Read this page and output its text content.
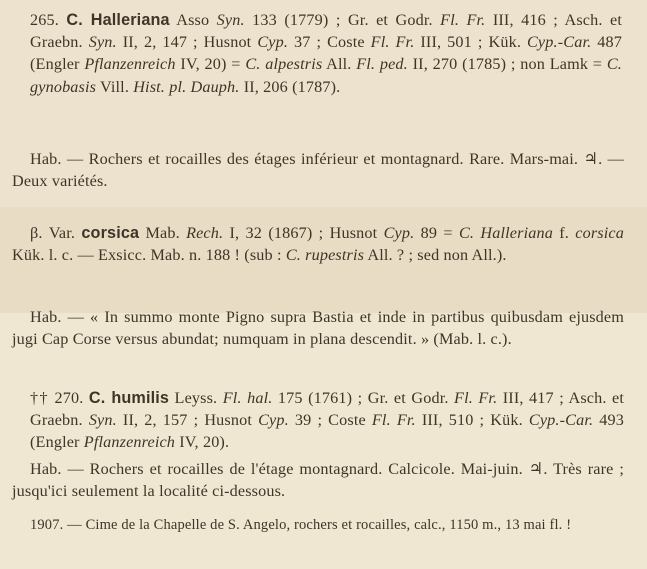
265. C. Halleriana Asso Syn. 133 (1779) ; Gr. et Godr. Fl. Fr. III, 416 ; Asch. et Graebn. Syn. II, 2, 147 ; Husnot Cyp. 37 ; Coste Fl. Fr. III, 501 ; Kük. Cyp.-Car. 487 (Engler Pflanzenreich IV, 20) = C. alpestris All. Fl. ped. II, 270 (1785) ; non Lamk = C. gynobasis Vill. Hist. pl. Dauph. II, 206 (1787).

Hab. — Rochers et rocailles des étages inférieur et montagnard. Rare. Mars-mai. ♃. — Deux variétés.

β. Var. corsica Mab. Rech. I, 32 (1867) ; Husnot Cyp. 89 = C. Halleriana f. corsica Kük. l. c. — Exsicc. Mab. n. 188 ! (sub : C. rupestris All. ? ; sed non All.).

Hab. — « In summo monte Pigno supra Bastia et inde in partibus quibusdam ejusdem jugi Cap Corse versus abundat; numquam in plana descendit. » (Mab. l. c.).

†† 270. C. humilis Leyss. Fl. hal. 175 (1761) ; Gr. et Godr. Fl. Fr. III, 417 ; Asch. et Graebn. Syn. II, 2, 157 ; Husnot Cyp. 39 ; Coste Fl. Fr. III, 510 ; Kük. Cyp.-Car. 493 (Engler Pflanzenreich IV, 20).

Hab. — Rochers et rocailles de l'étage montagnard. Calcicole. Mai-juin. ♃. Très rare ; jusqu'ici seulement la localité ci-dessous.

1907. — Cime de la Chapelle de S. Angelo, rochers et rocailles, calc., 1150 m., 13 mai fl. !
